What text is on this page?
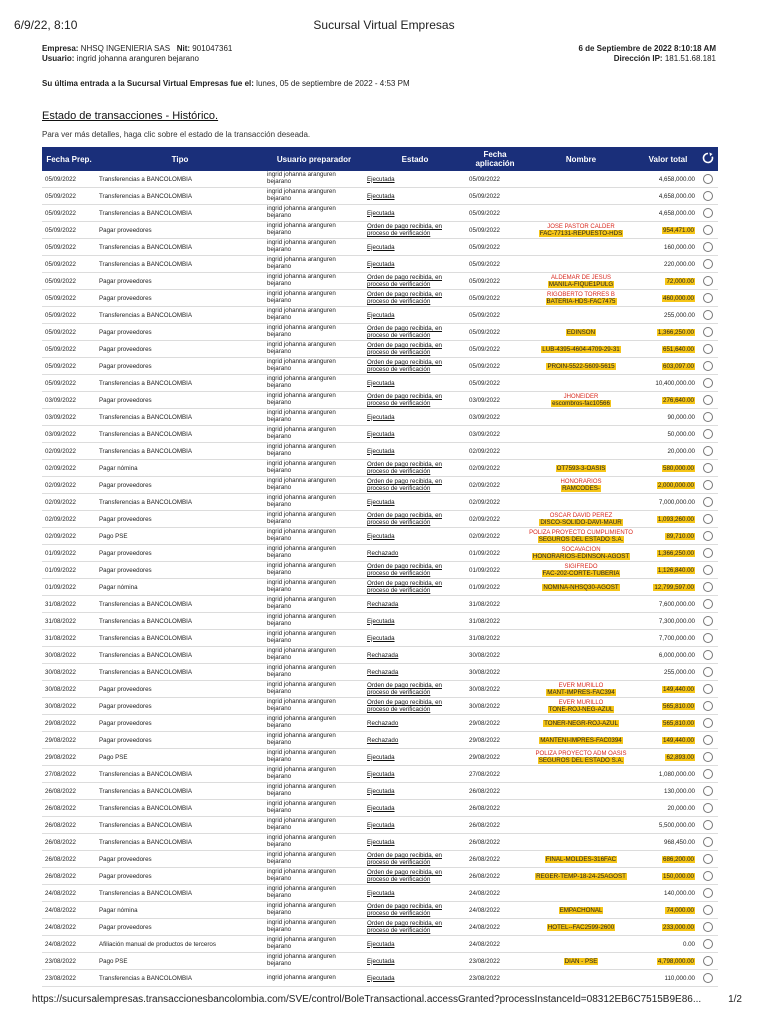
6/9/22, 8:10	Sucursal Virtual Empresas
Empresa: NHSQ INGENIERIA SAS Nit: 901047361
Usuario: ingrid johanna aranguren bejarano
6 de Septiembre de 2022 8:10:18 AM
Dirección IP: 181.51.68.181
Su última entrada a la Sucursal Virtual Empresas fue el: lunes, 05 de septiembre de 2022 - 4:53 PM
Estado de transacciones - Histórico.
Para ver más detalles, haga clic sobre el estado de la transacción deseada.
Fecha Prep.	Tipo	Usuario preparador	Estado	Fecha aplicación	Nombre	Valor total	
05/09/2022	Transferencias a BANCOLOMBIA	ingrid johanna aranguren bejarano	Ejecutada	05/09/2022		4,658,000.00	
05/09/2022	Transferencias a BANCOLOMBIA	ingrid johanna aranguren bejarano	Ejecutada	05/09/2022		4,658,000.00	
05/09/2022	Transferencias a BANCOLOMBIA	ingrid johanna aranguren bejarano	Ejecutada	05/09/2022		4,658,000.00	
05/09/2022	Pagar proveedores	ingrid johanna aranguren bejarano	Orden de pago recibida, en proceso de verificación	05/09/2022	JOSE PASTOR CALDER
FAC-77131-REPUESTO-HDS	954,471.00	
05/09/2022	Transferencias a BANCOLOMBIA	ingrid johanna aranguren bejarano	Ejecutada	05/09/2022		160,000.00	
05/09/2022	Transferencias a BANCOLOMBIA	ingrid johanna aranguren bejarano	Ejecutada	05/09/2022		220,000.00	
05/09/2022	Pagar proveedores	ingrid johanna aranguren bejarano	Orden de pago recibida, en proceso de verificación	05/09/2022	ALDEMAR DE JESUS
MANILA-FIQUE1PULG	72,000.00	
05/09/2022	Pagar proveedores	ingrid johanna aranguren bejarano	Orden de pago recibida, en proceso de verificación	05/09/2022	RIGOBERTO TORRES B
BATERIA-HDS-FAC7475	460,000.00	
05/09/2022	Transferencias a BANCOLOMBIA	ingrid johanna aranguren bejarano	Ejecutada	05/09/2022		255,000.00	
05/09/2022	Pagar proveedores	ingrid johanna aranguren bejarano	Orden de pago recibida, en proceso de verificación	05/09/2022	EDINSON	1,366,250.00	
05/09/2022	Pagar proveedores	ingrid johanna aranguren bejarano	Orden de pago recibida, en proceso de verificación	05/09/2022	LUB-4395-4604-4709-29-31	651,640.00	
05/09/2022	Pagar proveedores	ingrid johanna aranguren bejarano	Orden de pago recibida, en proceso de verificación	05/09/2022	PROIN-5522-5609-5615	603,097.00	
05/09/2022	Transferencias a BANCOLOMBIA	ingrid johanna aranguren bejarano	Ejecutada	05/09/2022		10,400,000.00	
03/09/2022	Pagar proveedores	ingrid johanna aranguren bejarano	Orden de pago recibida, en proceso de verificación	03/09/2022	JHONEIDER
escombros-fac10566	276,640.00	
03/09/2022	Transferencias a BANCOLOMBIA	ingrid johanna aranguren bejarano	Ejecutada	03/09/2022		90,000.00	
03/09/2022	Transferencias a BANCOLOMBIA	ingrid johanna aranguren bejarano	Ejecutada	03/09/2022		50,000.00	
02/09/2022	Transferencias a BANCOLOMBIA	ingrid johanna aranguren bejarano	Ejecutada	02/09/2022		20,000.00	
02/09/2022	Pagar nómina	ingrid johanna aranguren bejarano	Orden de pago recibida, en proceso de verificación	02/09/2022	OT7593-3-OASIS	580,000.00	
02/09/2022	Pagar proveedores	ingrid johanna aranguren bejarano	Orden de pago recibida, en proceso de verificación	02/09/2022	HONORARIOS
RAMCODES-	2,000,000.00	
02/09/2022	Transferencias a BANCOLOMBIA	ingrid johanna aranguren bejarano	Ejecutada	02/09/2022		7,000,000.00	
02/09/2022	Pagar proveedores	ingrid johanna aranguren bejarano	Orden de pago recibida, en proceso de verificación	02/09/2022	OSCAR DAVID PEREZ
DISCO-SOLIDO-DAVI-MAUR	1,093,260.00	
02/09/2022	Pago PSE	ingrid johanna aranguren bejarano	Ejecutada	02/09/2022	POLIZA PROYECTO CUMPLIMIENTO
SEGUROS DEL ESTADO S.A.	89,710.00	
01/09/2022	Pagar proveedores	ingrid johanna aranguren bejarano	Rechazado	01/09/2022	SOCAVACION
HONORARIOS-EDINSON-AGOST	1,366,250.00	
01/09/2022	Pagar proveedores	ingrid johanna aranguren bejarano	Orden de pago recibida, en proceso de verificación	01/09/2022	SIGIFREDO
FAC-202-CORTE-TUBERIA	1,126,840.00	
01/09/2022	Pagar nómina	ingrid johanna aranguren bejarano	Orden de pago recibida, en proceso de verificación	01/09/2022	NOMINA-NHSQ30-AGOST	12,799,597.00	
31/08/2022	Transferencias a BANCOLOMBIA	ingrid johanna aranguren bejarano	Rechazada	31/08/2022		7,600,000.00	
31/08/2022	Transferencias a BANCOLOMBIA	ingrid johanna aranguren bejarano	Ejecutada	31/08/2022		7,300,000.00	
31/08/2022	Transferencias a BANCOLOMBIA	ingrid johanna aranguren bejarano	Ejecutada	31/08/2022		7,700,000.00	
30/08/2022	Transferencias a BANCOLOMBIA	ingrid johanna aranguren bejarano	Rechazada	30/08/2022		6,000,000.00	
30/08/2022	Transferencias a BANCOLOMBIA	ingrid johanna aranguren bejarano	Rechazada	30/08/2022		255,000.00	
30/08/2022	Pagar proveedores	ingrid johanna aranguren bejarano	Orden de pago recibida, en proceso de verificación	30/08/2022	EVER MURILLO
MANT-IMPRES-FAC394	149,440.00	
30/08/2022	Pagar proveedores	ingrid johanna aranguren bejarano	Orden de pago recibida, en proceso de verificación	30/08/2022	EVER MURILLO
TONE-ROJ-NEG-AZUL	565,810.00	
29/08/2022	Pagar proveedores	ingrid johanna aranguren bejarano	Rechazado	29/08/2022	TONER-NEGR-ROJ-AZUL	565,810.00	
29/08/2022	Pagar proveedores	ingrid johanna aranguren bejarano	Rechazado	29/08/2022	MANTENI-IMPRES-FAC0394	149,440.00	
29/08/2022	Pago PSE	ingrid johanna aranguren bejarano	Ejecutada	29/08/2022	POLIZA PROYECTO ADM OASIS
SEGUROS DEL ESTADO S.A.	62,893.00	
27/08/2022	Transferencias a BANCOLOMBIA	ingrid johanna aranguren bejarano	Ejecutada	27/08/2022		1,080,000.00	
26/08/2022	Transferencias a BANCOLOMBIA	ingrid johanna aranguren bejarano	Ejecutada	26/08/2022		130,000.00	
26/08/2022	Transferencias a BANCOLOMBIA	ingrid johanna aranguren bejarano	Ejecutada	26/08/2022		20,000.00	
26/08/2022	Transferencias a BANCOLOMBIA	ingrid johanna aranguren bejarano	Ejecutada	26/08/2022		5,500,000.00	
26/08/2022	Transferencias a BANCOLOMBIA	ingrid johanna aranguren bejarano	Ejecutada	26/08/2022		968,450.00	
26/08/2022	Pagar proveedores	ingrid johanna aranguren bejarano	Orden de pago recibida, en proceso de verificación	26/08/2022	FINAL-MOLDES-316FAC	686,200.00	
26/08/2022	Pagar proveedores	ingrid johanna aranguren bejarano	Orden de pago recibida, en proceso de verificación	26/08/2022	REGER-TEMP-18-24-25AGOST	150,000.00	
24/08/2022	Transferencias a BANCOLOMBIA	ingrid johanna aranguren bejarano	Ejecutada	24/08/2022		140,000.00	
24/08/2022	Pagar nómina	ingrid johanna aranguren bejarano	Orden de pago recibida, en proceso de verificación	24/08/2022	EMPACHONAL	74,000.00	
24/08/2022	Pagar proveedores	ingrid johanna aranguren bejarano	Orden de pago recibida, en proceso de verificación	24/08/2022	HOTEL--FAC2599-2600	233,000.00	
24/08/2022	Afiliación manual de productos de terceros	ingrid johanna aranguren bejarano	Ejecutada	24/08/2022		0.00	
23/08/2022	Pago PSE	ingrid johanna aranguren bejarano	Ejecutada	23/08/2022	DIAN - PSE	4,798,000.00	
23/08/2022	Transferencias a BANCOLOMBIA	ingrid johanna aranguren	Ejecutada	23/08/2022		110,000.00	
https://sucursalempresas.transaccionesbancolombia.com/SVE/control/BoleTransactional.accessGranted?processInstanceId=08312EB6C7515B9E86...	1/2
